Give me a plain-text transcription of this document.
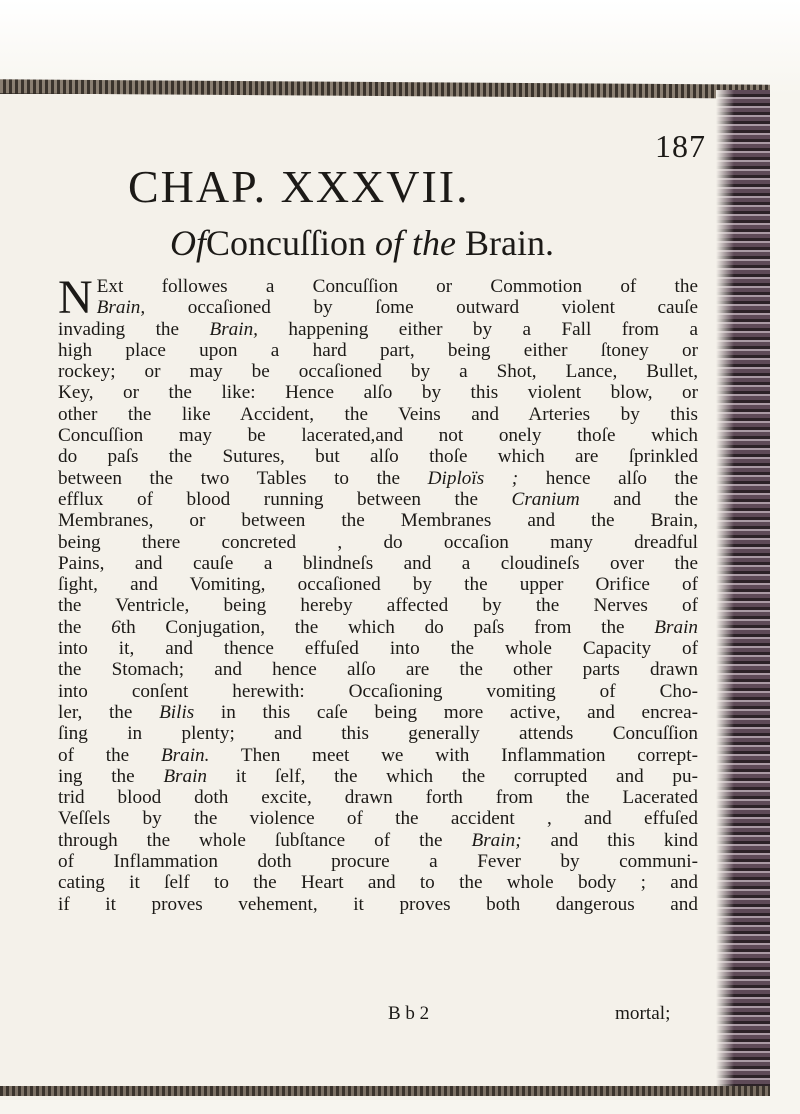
187
CHAP. XXXVII.
OfConcuſſion of the Brain.
N Ext followes a Concuſſion or Commotion of the
Brain, occaſioned by ſome outward violent cauſe
invading the Brain, happening either by a Fall from a
high place upon a hard part, being either ſtoney or
rockey; or may be occaſioned by a Shot, Lance, Bullet,
Key, or the like: Hence alſo by this violent blow, or
other the like Accident, the Veins and Arteries by this
Concuſſion may be lacerated,and not onely thoſe which
do paſs the Sutures, but alſo thoſe which are ſprinkled
between the two Tables to the Diploïs ; hence alſo the
efflux of blood running between the Cranium and the
Membranes, or between the Membranes and the Brain,
being there concreted , do occaſion many dreadful
Pains, and cauſe a blindneſs and a cloudineſs over the
ſight, and Vomiting, occaſioned by the upper Orifice of
the Ventricle, being hereby affected by the Nerves of
the 6th Conjugation, the which do paſs from the Brain
into it, and thence effuſed into the whole Capacity of
the Stomach; and hence alſo are the other parts drawn
into conſent herewith: Occaſioning vomiting of Cho-
ler, the Bilis in this caſe being more active, and encrea-
ſing in plenty; and this generally attends Concuſſion
of the Brain. Then meet we with Inflammation corrept-
ing the Brain it ſelf, the which the corrupted and pu-
trid blood doth excite, drawn forth from the Lacerated
Veſſels by the violence of the accident , and effuſed
through the whole ſubſtance of the Brain; and this kind
of Inflammation doth procure a Fever by communi-
cating it ſelf to the Heart and to the whole body ; and
if it proves vehement, it proves both dangerous and
B b 2	mortal;
